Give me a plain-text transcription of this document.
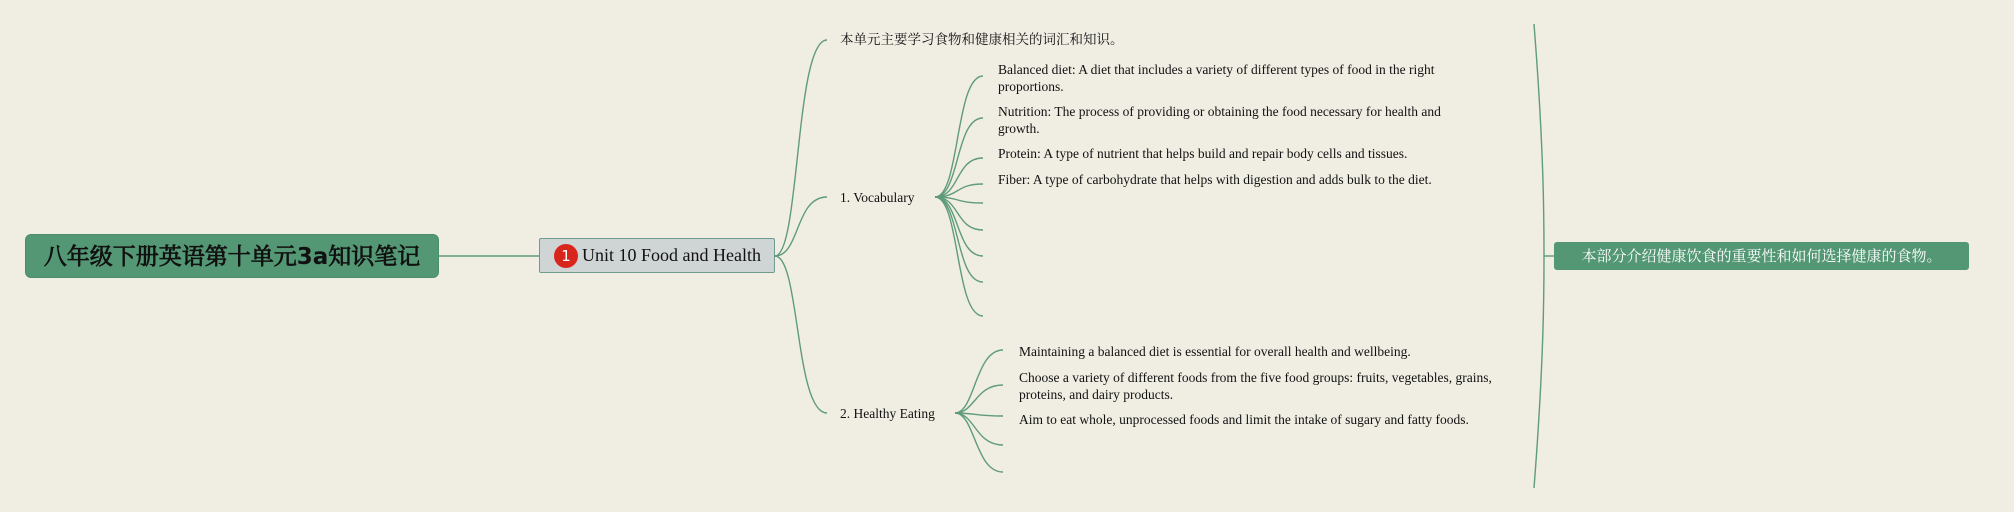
八年级下册英语第十单元3a知识笔记	1 Unit 10 Food and Health
本单元主要学习食物和健康相关的词汇和知识。
1. Vocabulary
Balanced diet: A diet that includes a variety of different types of food in the right proportions.
Nutrition: The process of providing or obtaining the food necessary for health and growth.
Protein: A type of nutrient that helps build and repair body cells and tissues.
Fiber: A type of carbohydrate that helps with digestion and adds bulk to the diet.
2. Healthy Eating
Maintaining a balanced diet is essential for overall health and wellbeing.
Choose a variety of different foods from the five food groups: fruits, vegetables, grains, proteins, and dairy products.
Aim to eat whole, unprocessed foods and limit the intake of sugary and fatty foods.
本部分介绍健康饮食的重要性和如何选择健康的食物。
